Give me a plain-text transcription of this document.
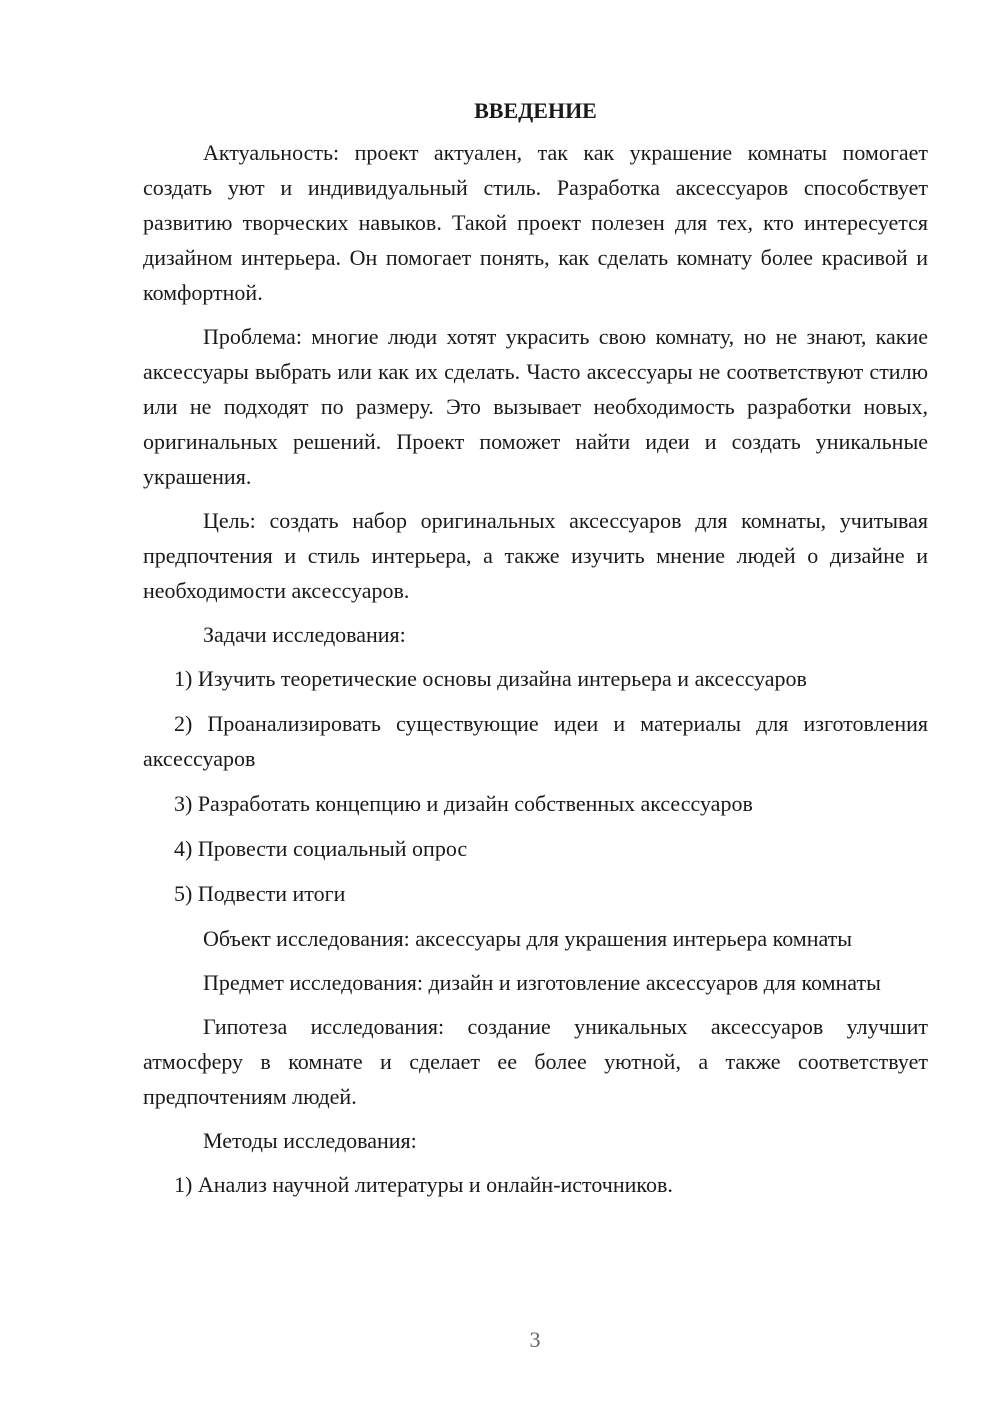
ВВЕДЕНИЕ

Актуальность: проект актуален, так как украшение комнаты помогает создать уют и индивидуальный стиль. Разработка аксессуаров способствует развитию творческих навыков. Такой проект полезен для тех, кто интересуется дизайном интерьера. Он помогает понять, как сделать комнату более красивой и комфортной.

Проблема: многие люди хотят украсить свою комнату, но не знают, какие аксессуары выбрать или как их сделать. Часто аксессуары не соответствуют стилю или не подходят по размеру. Это вызывает необходимость разработки новых, оригинальных решений. Проект поможет найти идеи и создать уникальные украшения.

Цель: создать набор оригинальных аксессуаров для комнаты, учитывая предпочтения и стиль интерьера, а также изучить мнение людей о дизайне и необходимости аксессуаров.

Задачи исследования:

1) Изучить теоретические основы дизайна интерьера и аксессуаров

2) Проанализировать существующие идеи и материалы для изготовления аксессуаров

3) Разработать концепцию и дизайн собственных аксессуаров

4) Провести социальный опрос

5) Подвести итоги

Объект исследования: аксессуары для украшения интерьера комнаты

Предмет исследования: дизайн и изготовление аксессуаров для комнаты

Гипотеза исследования: создание уникальных аксессуаров улучшит атмосферу в комнате и сделает ее более уютной, а также соответствует предпочтениям людей.

Методы исследования:

1) Анализ научной литературы и онлайн-источников.

3
